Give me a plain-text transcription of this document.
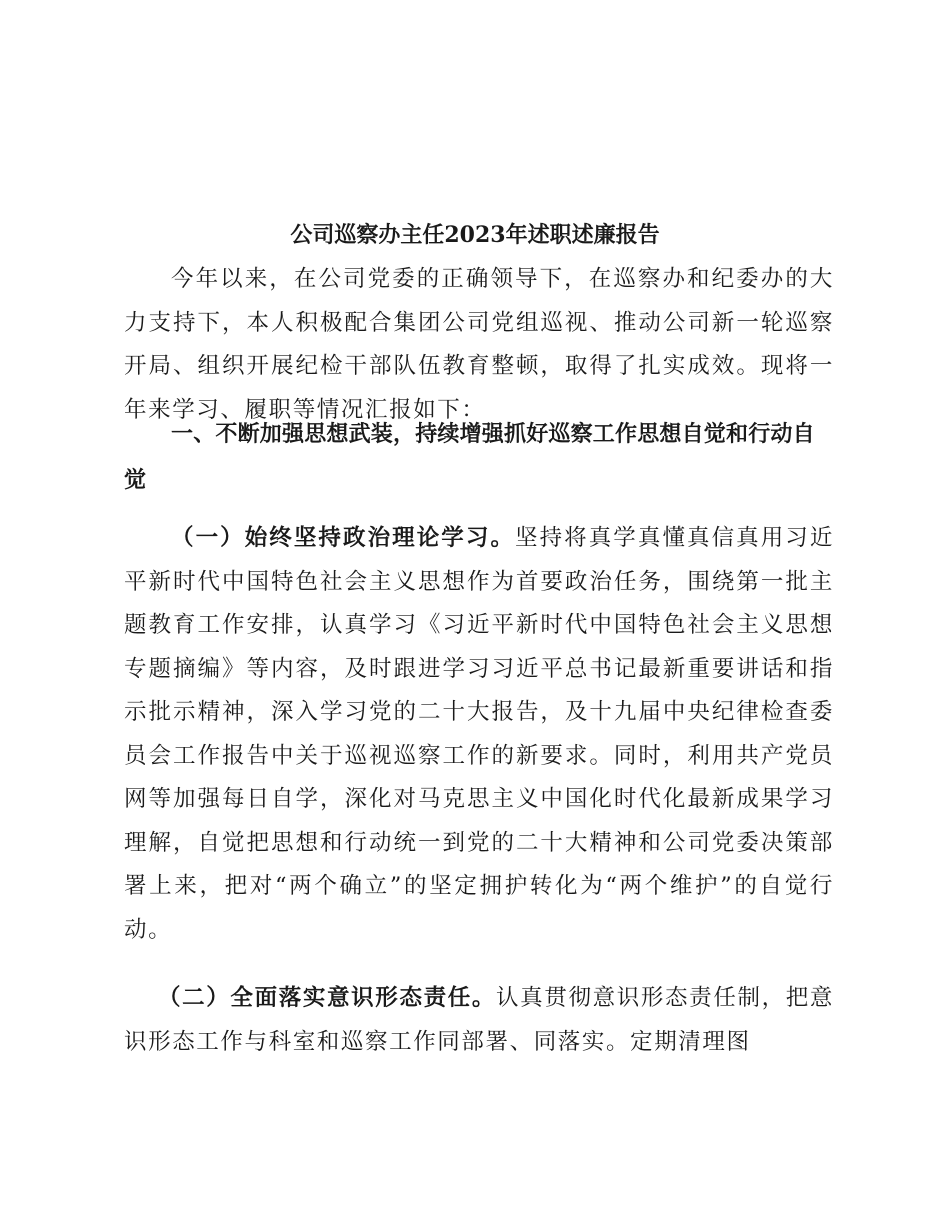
公司巡察办主任2023年述职述廉报告

今年以来，在公司党委的正确领导下，在巡察办和纪委办的大力支持下，本人积极配合集团公司党组巡视、推动公司新一轮巡察开局、组织开展纪检干部队伍教育整顿，取得了扎实成效。现将一年来学习、履职等情况汇报如下：

一、不断加强思想武装，持续增强抓好巡察工作思想自觉和行动自觉

（一）始终坚持政治理论学习。坚持将真学真懂真信真用习近平新时代中国特色社会主义思想作为首要政治任务，围绕第一批主题教育工作安排，认真学习《习近平新时代中国特色社会主义思想专题摘编》等内容，及时跟进学习习近平总书记最新重要讲话和指示批示精神，深入学习党的二十大报告，及十九届中央纪律检查委员会工作报告中关于巡视巡察工作的新要求。同时，利用共产党员网等加强每日自学，深化对马克思主义中国化时代化最新成果学习理解，自觉把思想和行动统一到党的二十大精神和公司党委决策部署上来，把对“两个确立”的坚定拥护转化为“两个维护”的自觉行动。

（二）全面落实意识形态责任。认真贯彻意识形态责任制，把意识形态工作与科室和巡察工作同部署、同落实。定期清理图
